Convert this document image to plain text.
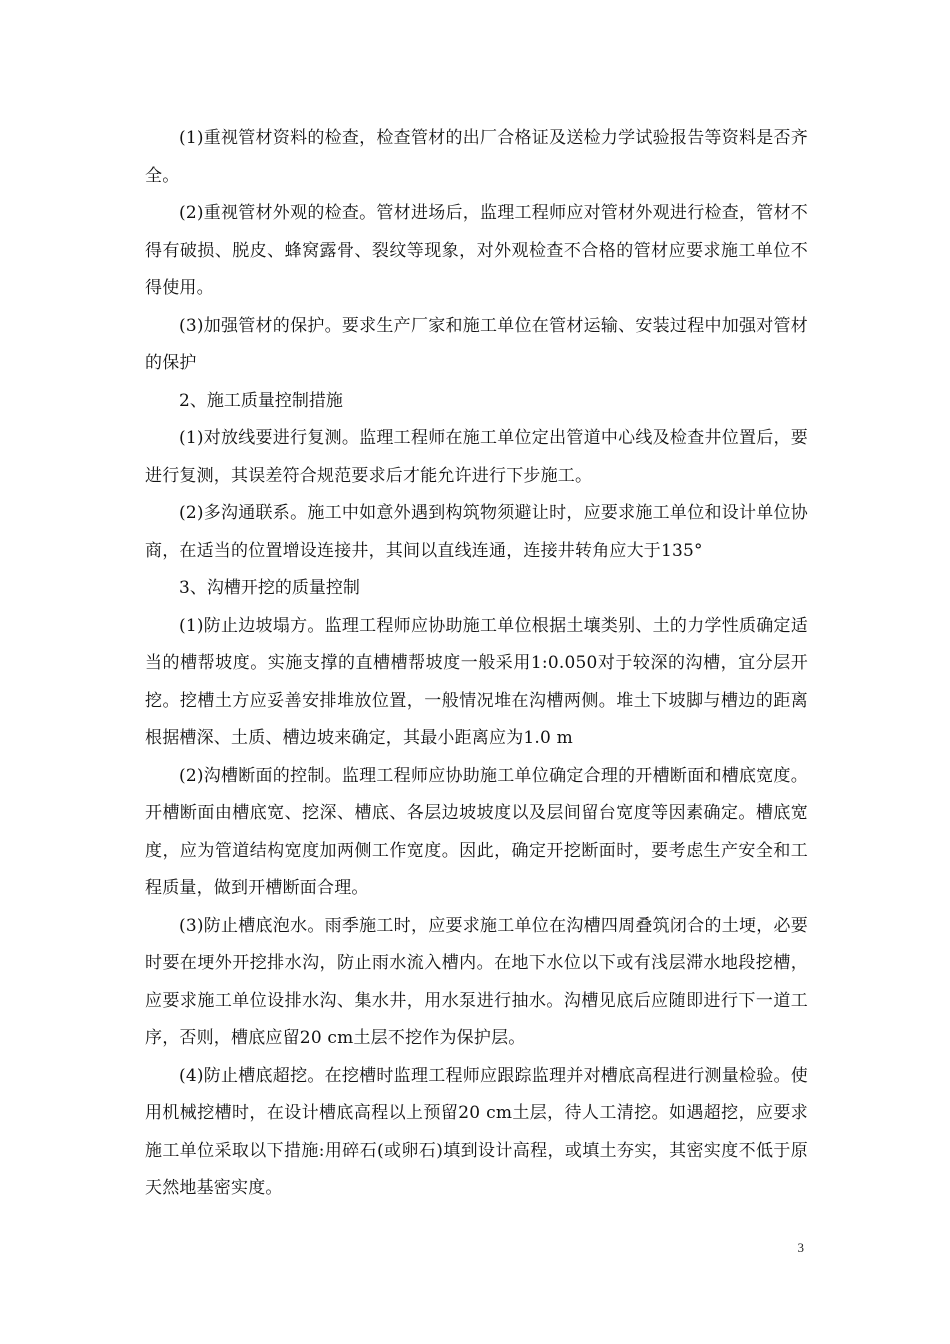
(1)重视管材资料的检查，检查管材的出厂合格证及送检力学试验报告等资料是否齐全。

(2)重视管材外观的检查。管材进场后，监理工程师应对管材外观进行检查，管材不得有破损、脱皮、蜂窝露骨、裂纹等现象，对外观检查不合格的管材应要求施工单位不得使用。

(3)加强管材的保护。要求生产厂家和施工单位在管材运输、安装过程中加强对管材的保护

2、施工质量控制措施

(1)对放线要进行复测。监理工程师在施工单位定出管道中心线及检查井位置后，要进行复测，其误差符合规范要求后才能允许进行下步施工。

(2)多沟通联系。施工中如意外遇到构筑物须避让时，应要求施工单位和设计单位协商，在适当的位置增设连接井，其间以直线连通，连接井转角应大于135°

3、沟槽开挖的质量控制

(1)防止边坡塌方。监理工程师应协助施工单位根据土壤类别、土的力学性质确定适当的槽帮坡度。实施支撑的直槽槽帮坡度一般采用1:0.050对于较深的沟槽，宜分层开挖。挖槽土方应妥善安排堆放位置，一般情况堆在沟槽两侧。堆土下坡脚与槽边的距离根据槽深、土质、槽边坡来确定，其最小距离应为1.0 m

(2)沟槽断面的控制。监理工程师应协助施工单位确定合理的开槽断面和槽底宽度。开槽断面由槽底宽、挖深、槽底、各层边坡坡度以及层间留台宽度等因素确定。槽底宽度，应为管道结构宽度加两侧工作宽度。因此，确定开挖断面时，要考虑生产安全和工程质量，做到开槽断面合理。

(3)防止槽底泡水。雨季施工时，应要求施工单位在沟槽四周叠筑闭合的土埂，必要时要在埂外开挖排水沟，防止雨水流入槽内。在地下水位以下或有浅层滞水地段挖槽，应要求施工单位设排水沟、集水井，用水泵进行抽水。沟槽见底后应随即进行下一道工序，否则，槽底应留20 cm土层不挖作为保护层。

(4)防止槽底超挖。在挖槽时监理工程师应跟踪监理并对槽底高程进行测量检验。使用机械挖槽时，在设计槽底高程以上预留20 cm土层，待人工清挖。如遇超挖，应要求施工单位采取以下措施:用碎石(或卵石)填到设计高程，或填土夯实，其密实度不低于原天然地基密实度。

3
